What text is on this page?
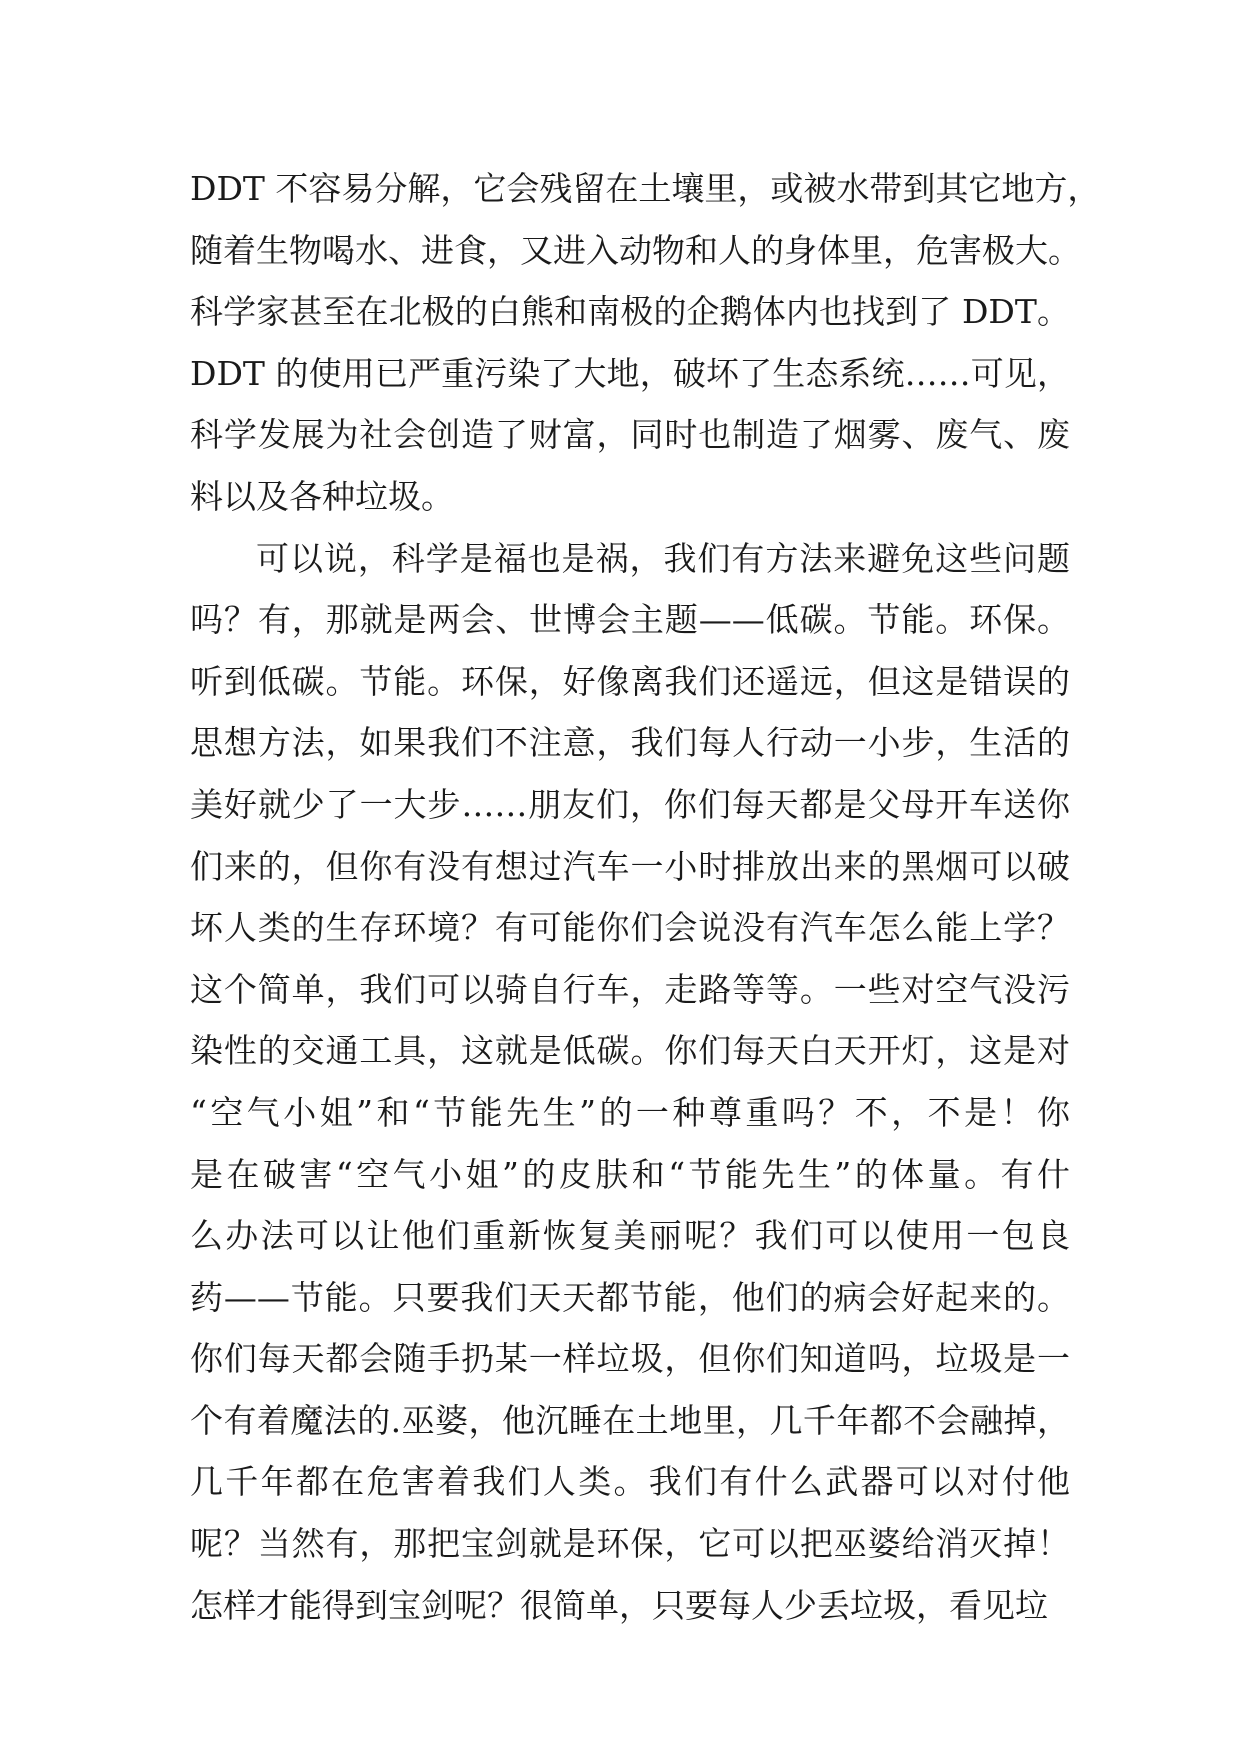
DDT 不容易分解，它会残留在土壤里，或被水带到其它地方，
随着生物喝水、进食，又进入动物和人的身体里，危害极大。
科学家甚至在北极的白熊和南极的企鹅体内也找到了 DDT。
DDT 的使用已严重污染了大地，破坏了生态系统……可见，
科学发展为社会创造了财富，同时也制造了烟雾、废气、废
料以及各种垃圾。
可以说，科学是福也是祸，我们有方法来避免这些问题
吗？有，那就是两会、世博会主题——低碳。节能。环保。
听到低碳。节能。环保，好像离我们还遥远，但这是错误的
思想方法，如果我们不注意，我们每人行动一小步，生活的
美好就少了一大步……朋友们，你们每天都是父母开车送你
们来的，但你有没有想过汽车一小时排放出来的黑烟可以破
坏人类的生存环境？有可能你们会说没有汽车怎么能上学？
这个简单，我们可以骑自行车，走路等等。一些对空气没污
染性的交通工具，这就是低碳。你们每天白天开灯，这是对
“空气小姐”和“节能先生”的一种尊重吗？不，不是！你
是在破害“空气小姐”的皮肤和“节能先生”的体量。有什
么办法可以让他们重新恢复美丽呢？我们可以使用一包良
药——节能。只要我们天天都节能，他们的病会好起来的。
你们每天都会随手扔某一样垃圾，但你们知道吗，垃圾是一
个有着魔法的.巫婆，他沉睡在土地里，几千年都不会融掉，
几千年都在危害着我们人类。我们有什么武器可以对付他
呢？当然有，那把宝剑就是环保，它可以把巫婆给消灭掉！
怎样才能得到宝剑呢？很简单，只要每人少丢垃圾，看见垃
